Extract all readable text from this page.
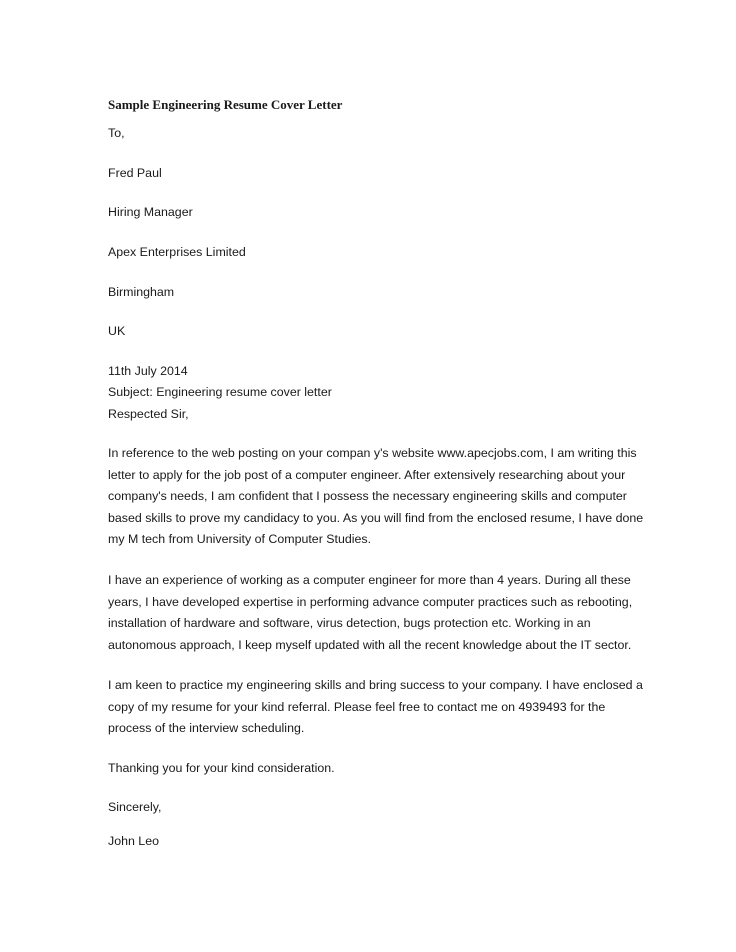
Sample Engineering Resume Cover Letter
To,
Fred Paul
Hiring Manager
Apex Enterprises Limited
Birmingham
UK
11th July 2014
Subject: Engineering resume cover letter
Respected Sir,
In reference to the web posting on your compan y's website www.apecjobs.com, I am writing this
letter to apply for the job post of a computer engineer. After extensively researching about your
company's needs, I am confident that I possess the necessary engineering skills and computer
based skills to prove my candidacy to you. As you will find from the enclosed resume, I have done
my M tech from University of Computer Studies.
I have an experience of working as a computer engineer for more than 4 years. During all these
years, I have developed expertise in performing advance computer practices such as rebooting,
installation of hardware and software, virus detection, bugs protection etc. Working in an
autonomous approach, I keep myself updated with all the recent knowledge about the IT sector.
I am keen to practice my engineering skills and bring success to your company. I have enclosed a
copy of my resume for your kind referral. Please feel free to contact me on 4939493 for the
process of the interview scheduling.
Thanking you for your kind consideration.
Sincerely,
John Leo
